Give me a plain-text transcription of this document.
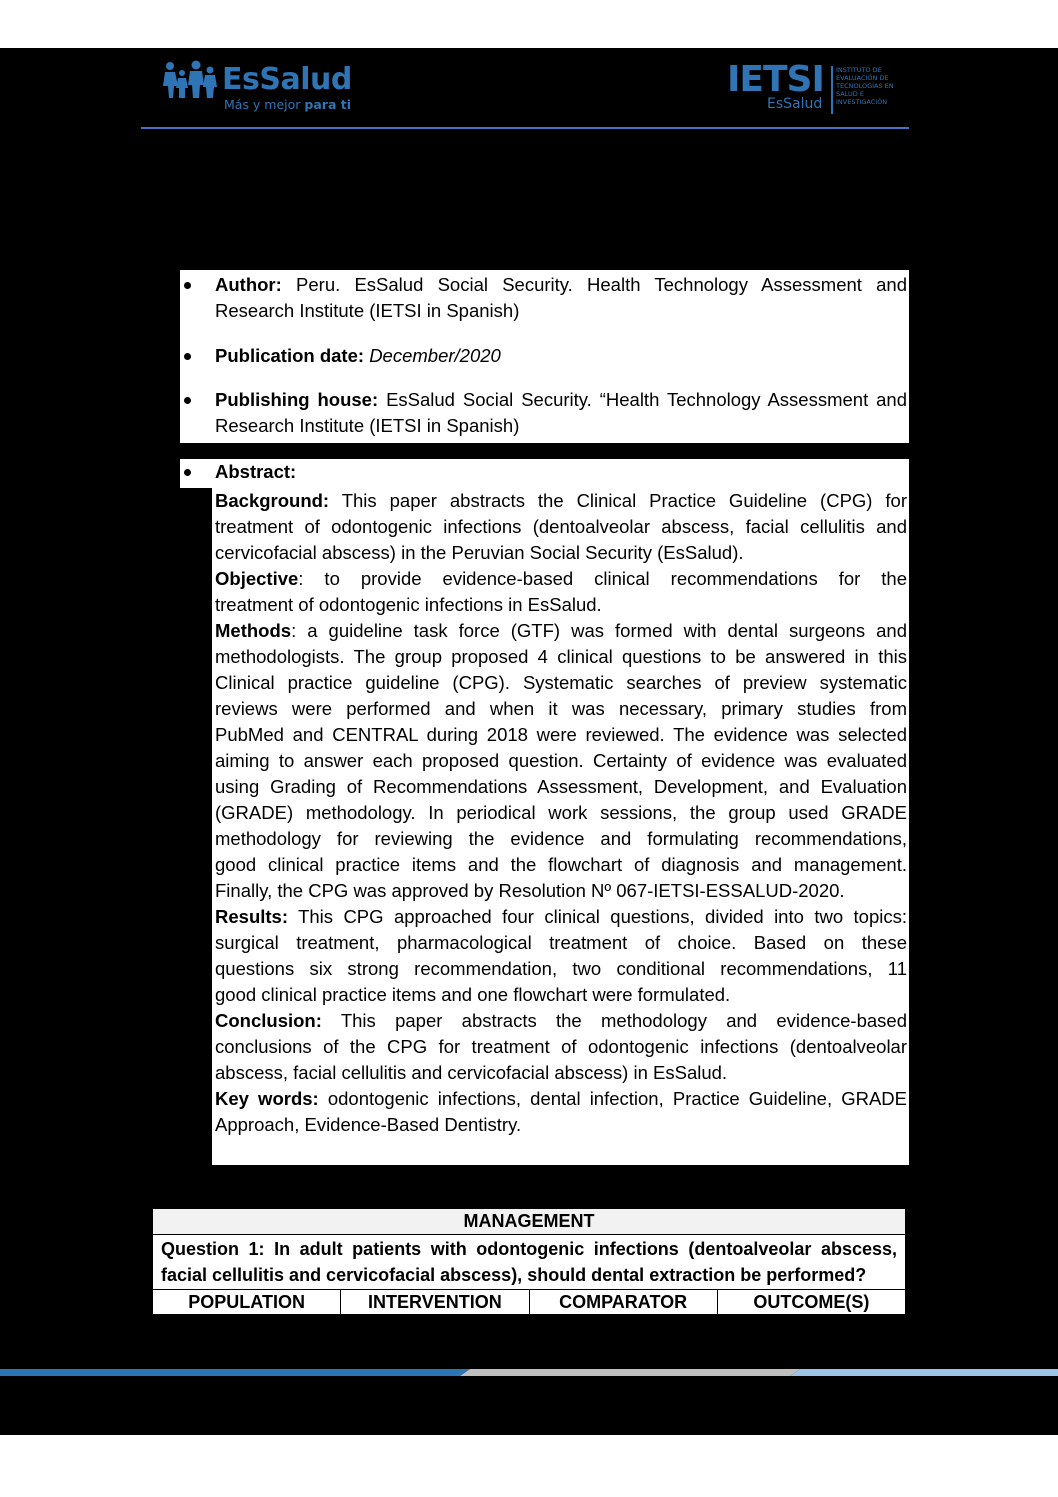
EsSalud
Más y mejor para ti
IETSI
EsSalud
INSTITUTO DE
EVALUACIÓN DE
TECNOLOGÍAS EN
SALUD E
INVESTIGACIÓN
Author: Peru. EsSalud Social Security. Health Technology Assessment and
Research Institute (IETSI in Spanish)
Publication date: December/2020
Publishing house: EsSalud Social Security. “Health Technology Assessment and
Research Institute (IETSI in Spanish)
Abstract:
Background: This paper abstracts the Clinical Practice Guideline (CPG) for
treatment of odontogenic infections (dentoalveolar abscess, facial cellulitis and
cervicofacial abscess) in the Peruvian Social Security (EsSalud).
Objective: to provide evidence-based clinical recommendations for the
treatment of odontogenic infections in EsSalud.
Methods: a guideline task force (GTF) was formed with dental surgeons and
methodologists. The group proposed 4 clinical questions to be answered in this
Clinical practice guideline (CPG). Systematic searches of preview systematic
reviews were performed and when it was necessary, primary studies from
PubMed and CENTRAL during 2018 were reviewed. The evidence was selected
aiming to answer each proposed question. Certainty of evidence was evaluated
using Grading of Recommendations Assessment, Development, and Evaluation
(GRADE) methodology. In periodical work sessions, the group used GRADE
methodology for reviewing the evidence and formulating recommendations,
good clinical practice items and the flowchart of diagnosis and management.
Finally, the CPG was approved by Resolution Nº 067-IETSI-ESSALUD-2020.
Results: This CPG approached four clinical questions, divided into two topics:
surgical treatment, pharmacological treatment of choice. Based on these
questions six strong recommendation, two conditional recommendations, 11
good clinical practice items and one flowchart were formulated.
Conclusion: This paper abstracts the methodology and evidence-based
conclusions of the CPG for treatment of odontogenic infections (dentoalveolar
abscess, facial cellulitis and cervicofacial abscess) in EsSalud.
Key words: odontogenic infections, dental infection, Practice Guideline, GRADE
Approach, Evidence-Based Dentistry.
MANAGEMENT

Question 1: In adult patients with odontogenic infections (dentoalveolar abscess,
facial cellulitis and cervicofacial abscess), should dental extraction be performed?

POPULATION	INTERVENTION	COMPARATOR	OUTCOME(S)
